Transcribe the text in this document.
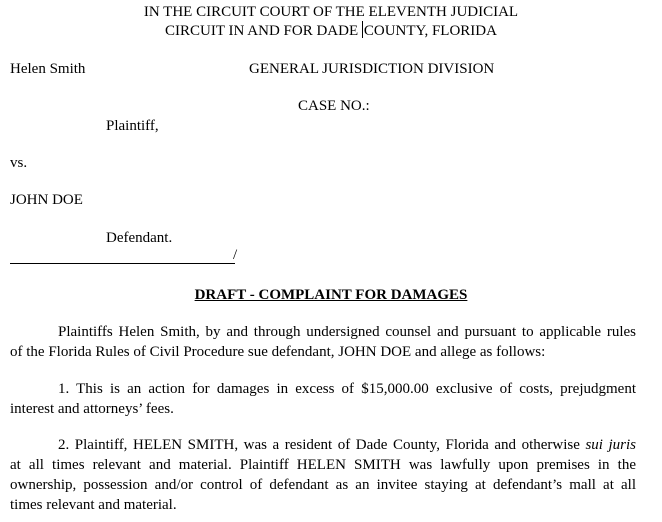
IN THE CIRCUIT COURT OF THE ELEVENTH JUDICIAL
CIRCUIT IN AND FOR DADE COUNTY, FLORIDA
Helen Smith	GENERAL JURISDICTION DIVISION
CASE NO.:
Plaintiff,
vs.
JOHN DOE
Defendant.
/
DRAFT - COMPLAINT FOR DAMAGES
Plaintiffs Helen Smith, by and through undersigned counsel and pursuant to applicable rules
of the Florida Rules of Civil Procedure sue defendant, JOHN DOE and allege as follows:
1. This is an action for damages in excess of $15,000.00 exclusive of costs, prejudgment
interest and attorneys’ fees.
2. Plaintiff, HELEN SMITH, was a resident of Dade County, Florida and otherwise sui juris
at all times relevant and material. Plaintiff HELEN SMITH was lawfully upon premises in the
ownership, possession and/or control of defendant as an invitee staying at defendant’s mall at all
times relevant and material.
